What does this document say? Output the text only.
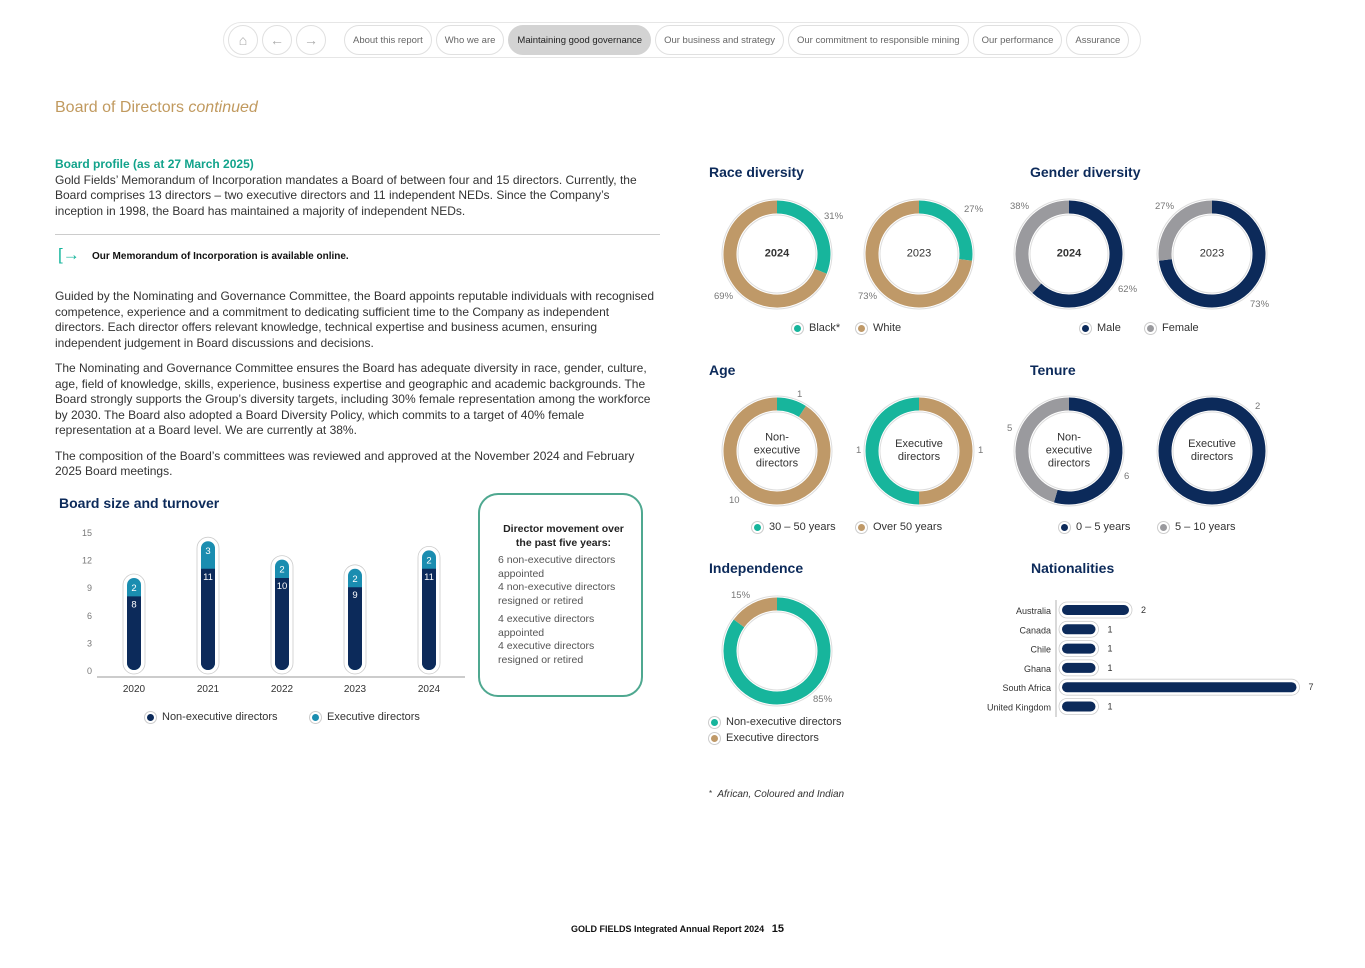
⌂ ← →	About this report	Who we are	Maintaining good governance	Our business and strategy	Our commitment to responsible mining	Our performance	Assurance
Board of Directors continued
Board profile (as at 27 March 2025)
Gold Fields’ Memorandum of Incorporation mandates a Board of between four and 15 directors. Currently, the Board comprises 13 directors – two executive directors and 11 independent NEDs. Since the Company’s inception in 1998, the Board has maintained a majority of independent NEDs.
[→ Our Memorandum of Incorporation is available online.

Guided by the Nominating and Governance Committee, the Board appoints reputable individuals with recognised competence, experience and a commitment to dedicating sufficient time to the Company as independent directors. Each director offers relevant knowledge, technical expertise and business acumen, ensuring independent judgement in Board discussions and decisions.

The Nominating and Governance Committee ensures the Board has adequate diversity in race, gender, culture, age, field of knowledge, skills, experience, business expertise and geographic and academic backgrounds. The Board strongly supports the Group’s diversity targets, including 30% female representation among the workforce by 2030. The Board also adopted a Board Diversity Policy, which commits to a target of 40% female representation at a Board level. We are currently at 38%.

The composition of the Board’s committees was reviewed and approved at the November 2024 and February 2025 Board meetings.

Board size and turnover
0
3
6
9
12
15
2
8
2020
3
11
2021
2
10
2022
2
9
2023
2
11
2024
Non-executive directors	Executive directors
Director movement over the past five years:
6 non-executive directors appointed
4 non-executive directors resigned or retired
4 executive directors appointed
4 executive directors resigned or retired
Race diversity	Gender diversity
Age	Tenure
Independence	Nationalities
2024	2023	2024	2023
Non-executive directors
Executive directors
Non-executive directors
Executive directors
31%
69%
27%
73%
62%
38%
73%
27%
1
10
1
1
6
5
2
85%
15%
Black*	White	Male	Female
30 – 50 years	Over 50 years	0 – 5 years	5 – 10 years
Non-executive directors
Executive directors
Australia	2
Canada	1
Chile	1
Ghana	1
South Africa	7
United Kingdom	1
* African, Coloured and Indian
GOLD FIELDS Integrated Annual Report 2024 15
